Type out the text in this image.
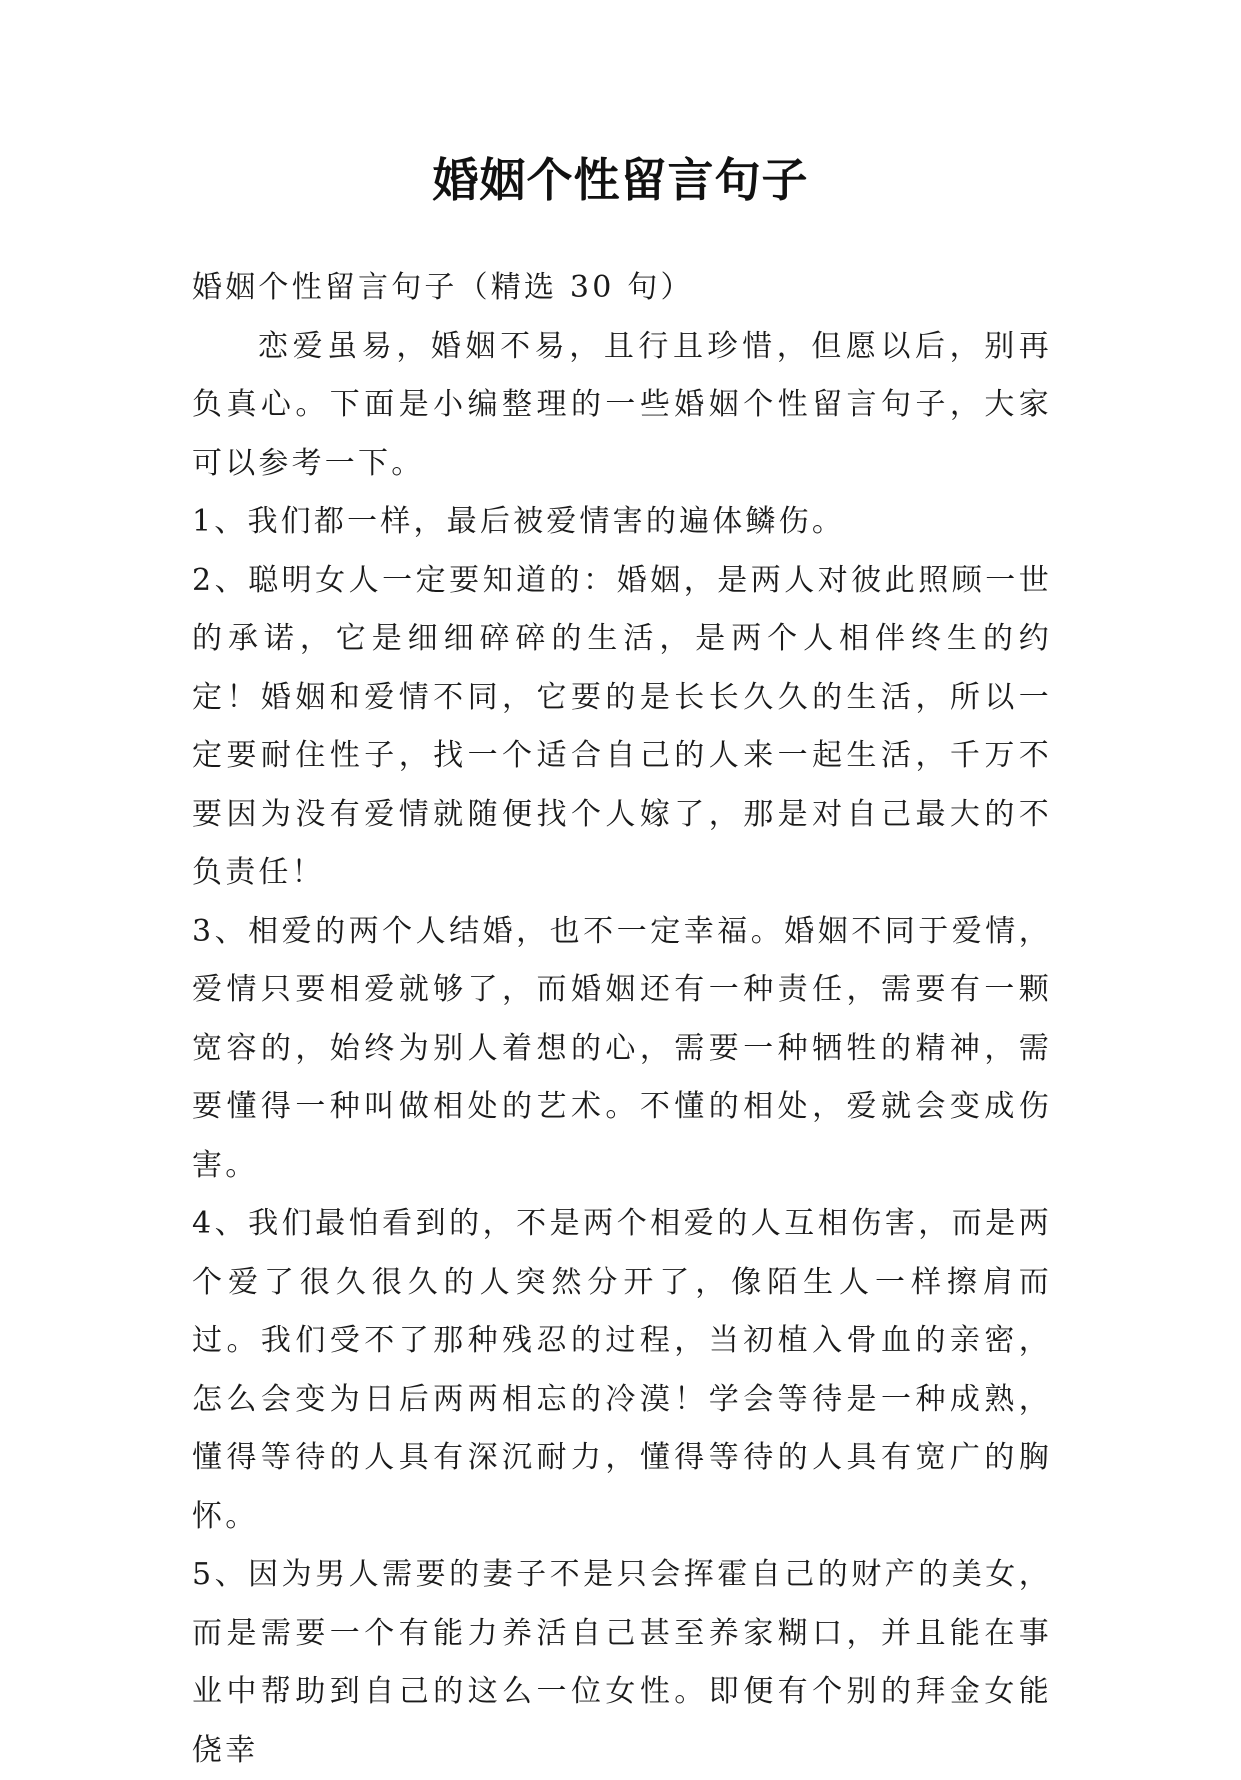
婚姻个性留言句子

婚姻个性留言句子（精选 30 句）

恋爱虽易，婚姻不易，且行且珍惜，但愿以后，别再负真心。下面是小编整理的一些婚姻个性留言句子，大家可以参考一下。

1、我们都一样，最后被爱情害的遍体鳞伤。

2、聪明女人一定要知道的：婚姻，是两人对彼此照顾一世的承诺，它是细细碎碎的生活，是两个人相伴终生的约定！婚姻和爱情不同，它要的是长长久久的生活，所以一定要耐住性子，找一个适合自己的人来一起生活，千万不要因为没有爱情就随便找个人嫁了，那是对自己最大的不负责任！

3、相爱的两个人结婚，也不一定幸福。婚姻不同于爱情，爱情只要相爱就够了，而婚姻还有一种责任，需要有一颗宽容的，始终为别人着想的心，需要一种牺牲的精神，需要懂得一种叫做相处的艺术。不懂的相处，爱就会变成伤害。

4、我们最怕看到的，不是两个相爱的人互相伤害，而是两个爱了很久很久的人突然分开了，像陌生人一样擦肩而过。我们受不了那种残忍的过程，当初植入骨血的亲密，怎么会变为日后两两相忘的冷漠！学会等待是一种成熟，懂得等待的人具有深沉耐力，懂得等待的人具有宽广的胸怀。

5、因为男人需要的妻子不是只会挥霍自己的财产的美女，而是需要一个有能力养活自己甚至养家糊口，并且能在事业中帮助到自己的这么一位女性。即便有个别的拜金女能侥幸
